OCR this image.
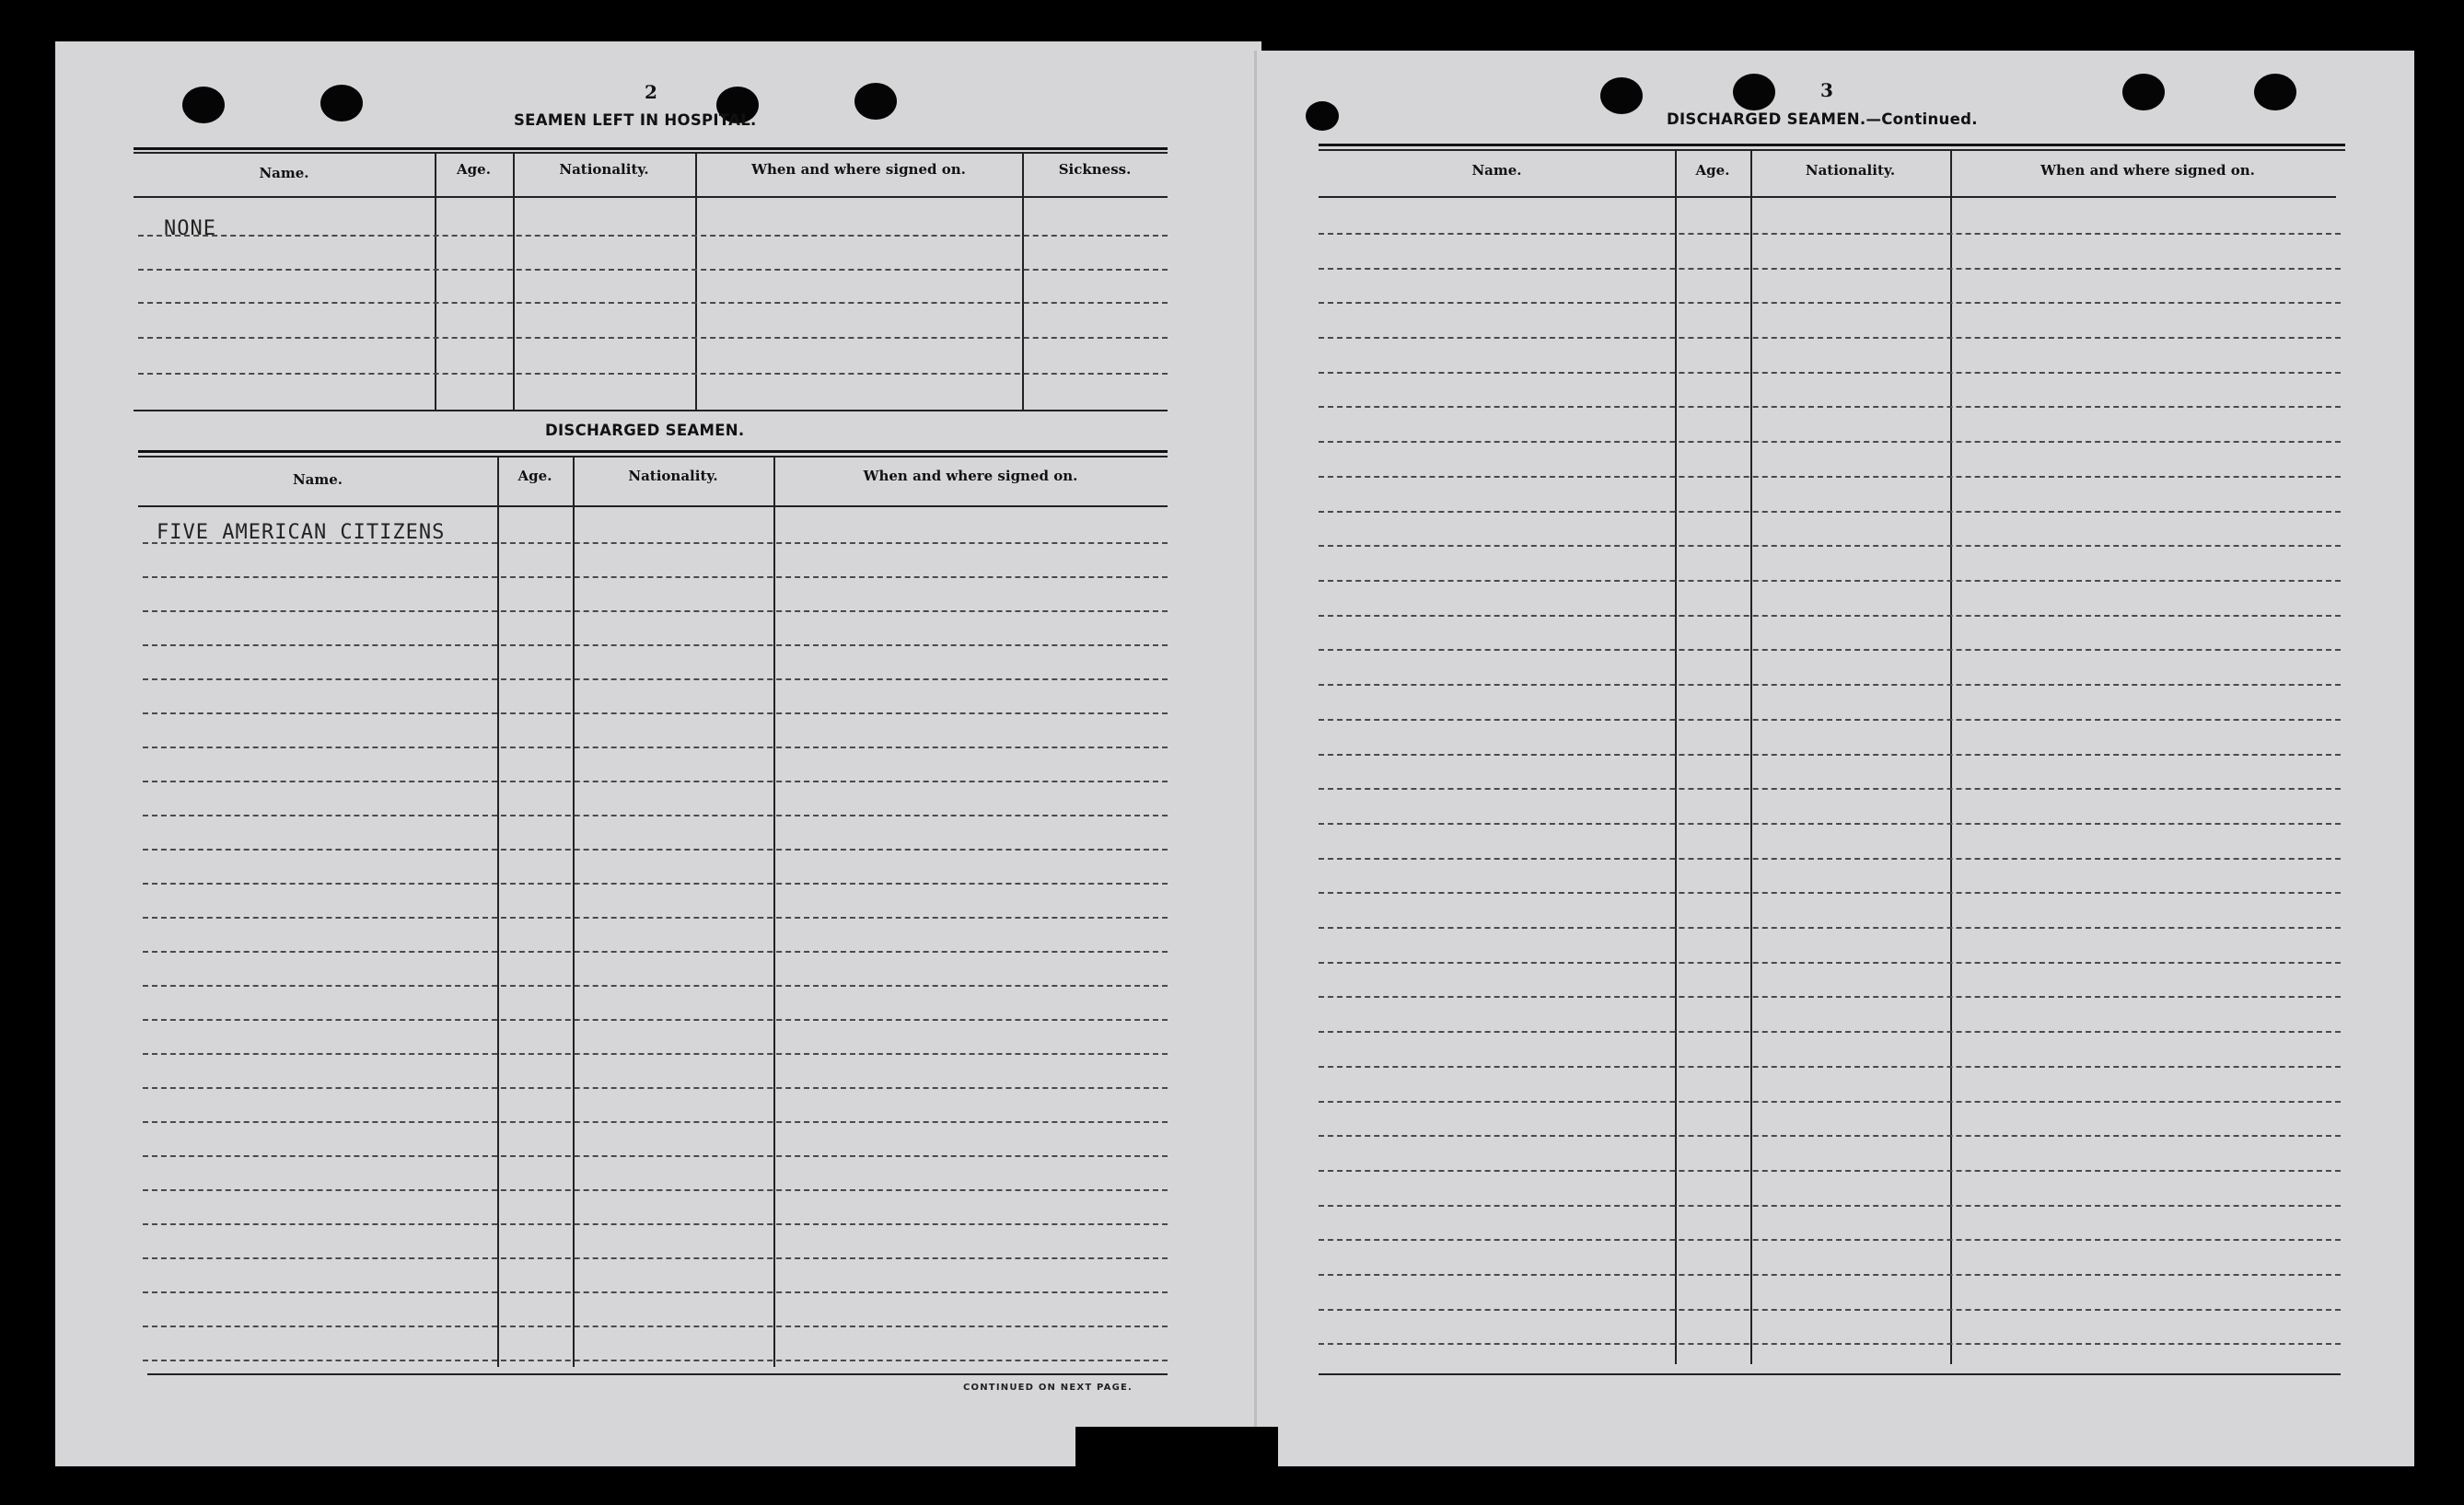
2
SEAMEN LEFT IN HOSPITAL.
Name.	Age.	Nationality.	When and where signed on.	Sickness.
NONE
DISCHARGED SEAMEN.
Name.	Age.	Nationality.	When and where signed on.
FIVE AMERICAN CITIZENS
CONTINUED ON NEXT PAGE.
3
DISCHARGED SEAMEN.—Continued.
Name.	Age.	Nationality.	When and where signed on.
